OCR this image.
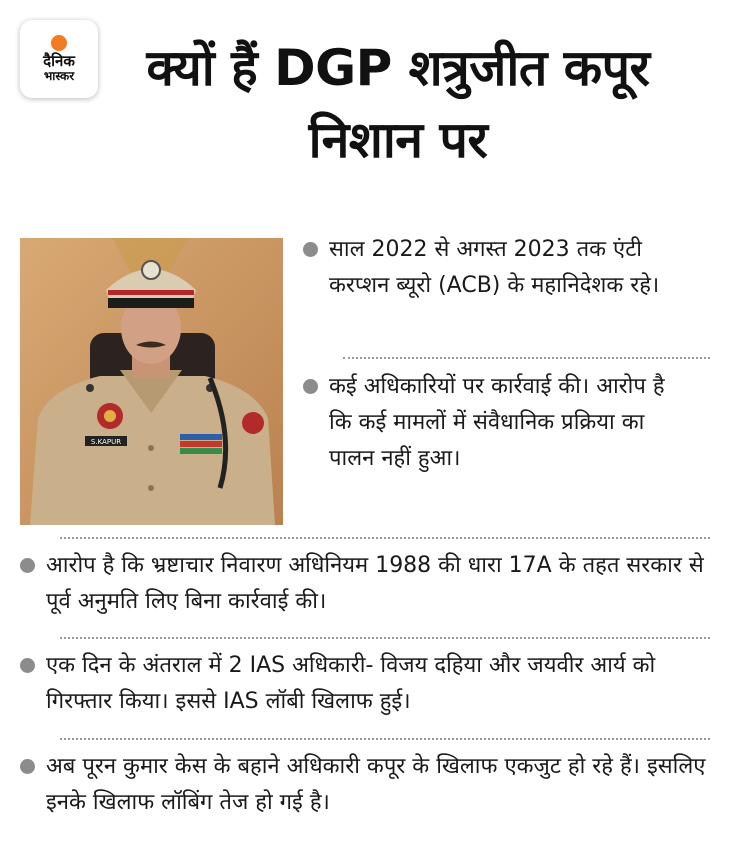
दैनिक
भास्कर	क्यों हैं DGP शत्रुजीत कपूर निशान पर
S.KAPUR
साल 2022 से अगस्त 2023 तक एंटी करप्शन ब्यूरो (ACB) के महानिदेशक रहे।
कई अधिकारियों पर कार्रवाई की। आरोप है कि कई मामलों में संवैधानिक प्रक्रिया का पालन नहीं हुआ।
आरोप है कि भ्रष्टाचार निवारण अधिनियम 1988 की धारा 17A के तहत सरकार से पूर्व अनुमति लिए बिना कार्रवाई की।
एक दिन के अंतराल में 2 IAS अधिकारी- विजय दहिया और जयवीर आर्य को गिरफ्तार किया। इससे IAS लॉबी खिलाफ हुई।
अब पूरन कुमार केस के बहाने अधिकारी कपूर के खिलाफ एकजुट हो रहे हैं। इसलिए इनके खिलाफ लॉबिंग तेज हो गई है।
